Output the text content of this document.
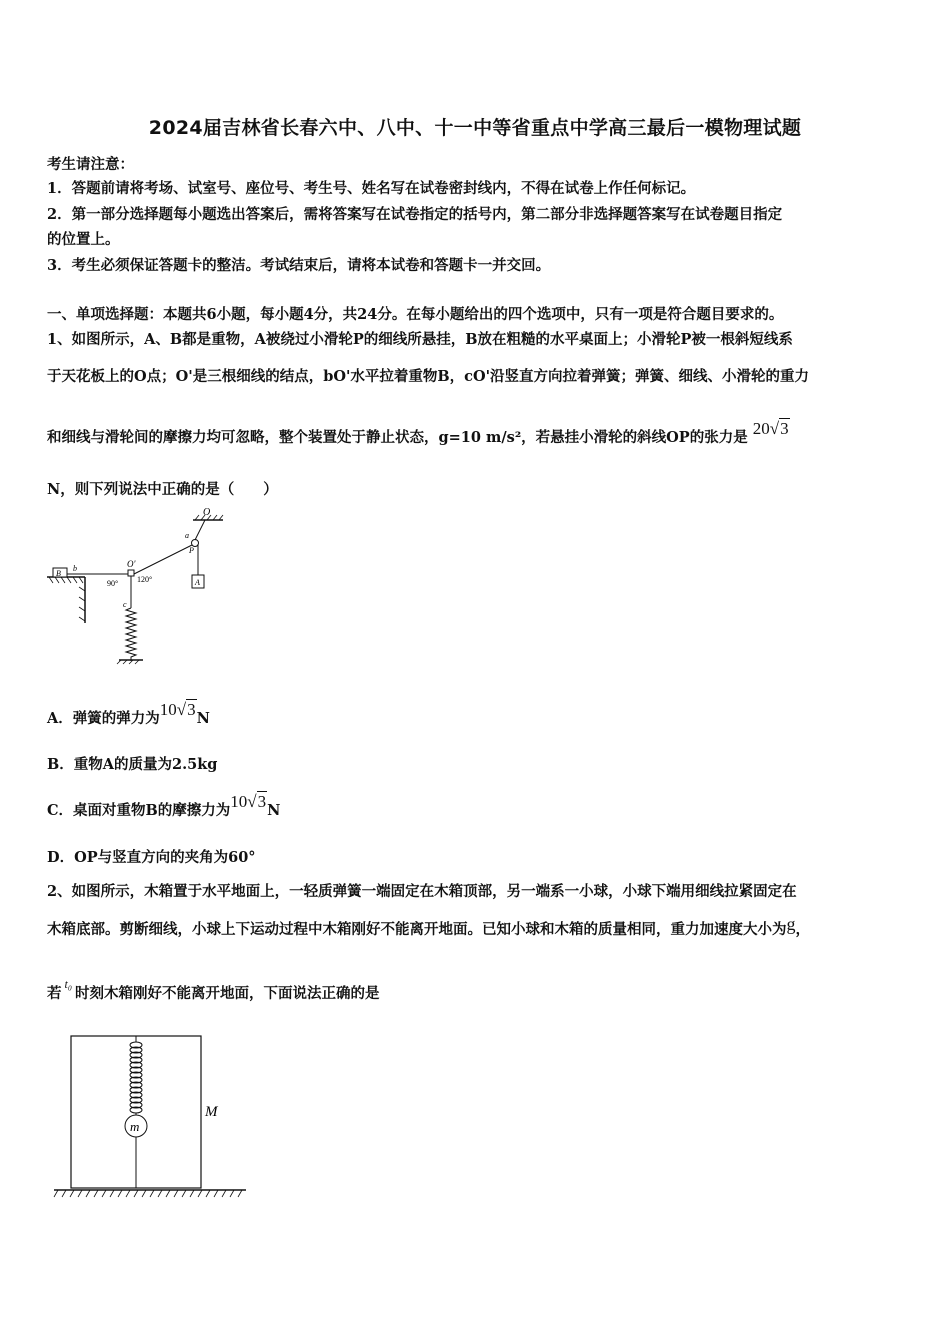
2024届吉林省长春六中、八中、十一中等省重点中学高三最后一模物理试题
考生请注意：
1．答题前请将考场、试室号、座位号、考生号、姓名写在试卷密封线内，不得在试卷上作任何标记。
2．第一部分选择题每小题选出答案后，需将答案写在试卷指定的括号内，第二部分非选择题答案写在试卷题目指定
的位置上。
3．考生必须保证答题卡的整洁。考试结束后，请将本试卷和答题卡一并交回。
一、单项选择题：本题共6小题，每小题4分，共24分。在每小题给出的四个选项中，只有一项是符合题目要求的。
1、如图所示，A、B都是重物，A被绕过小滑轮P的细线所悬挂，B放在粗糙的水平桌面上；小滑轮P被一根斜短线系
于天花板上的O点；O'是三根细线的结点，bO'水平拉着重物B，cO'沿竖直方向拉着弹簧；弹簧、细线、小滑轮的重力
和细线与滑轮间的摩擦力均可忽略，整个装置处于静止状态，g=10 m/s²，若悬挂小滑轮的斜线OP的张力是 20√3
N，则下列说法中正确的是（　　）
O
a
P
A
B
b	O'
90° 120°
c
A．弹簧的弹力为10√3N
B．重物A的质量为2.5kg
C．桌面对重物B的摩擦力为10√3N
D．OP与竖直方向的夹角为60°
2、如图所示，木箱置于水平地面上，一轻质弹簧一端固定在木箱顶部，另一端系一小球，小球下端用细线拉紧固定在
木箱底部。剪断细线，小球上下运动过程中木箱刚好不能离开地面。已知小球和木箱的质量相同，重力加速度大小为g，
若$^{t_0}$时刻木箱刚好不能离开地面，下面说法正确的是
M
m
